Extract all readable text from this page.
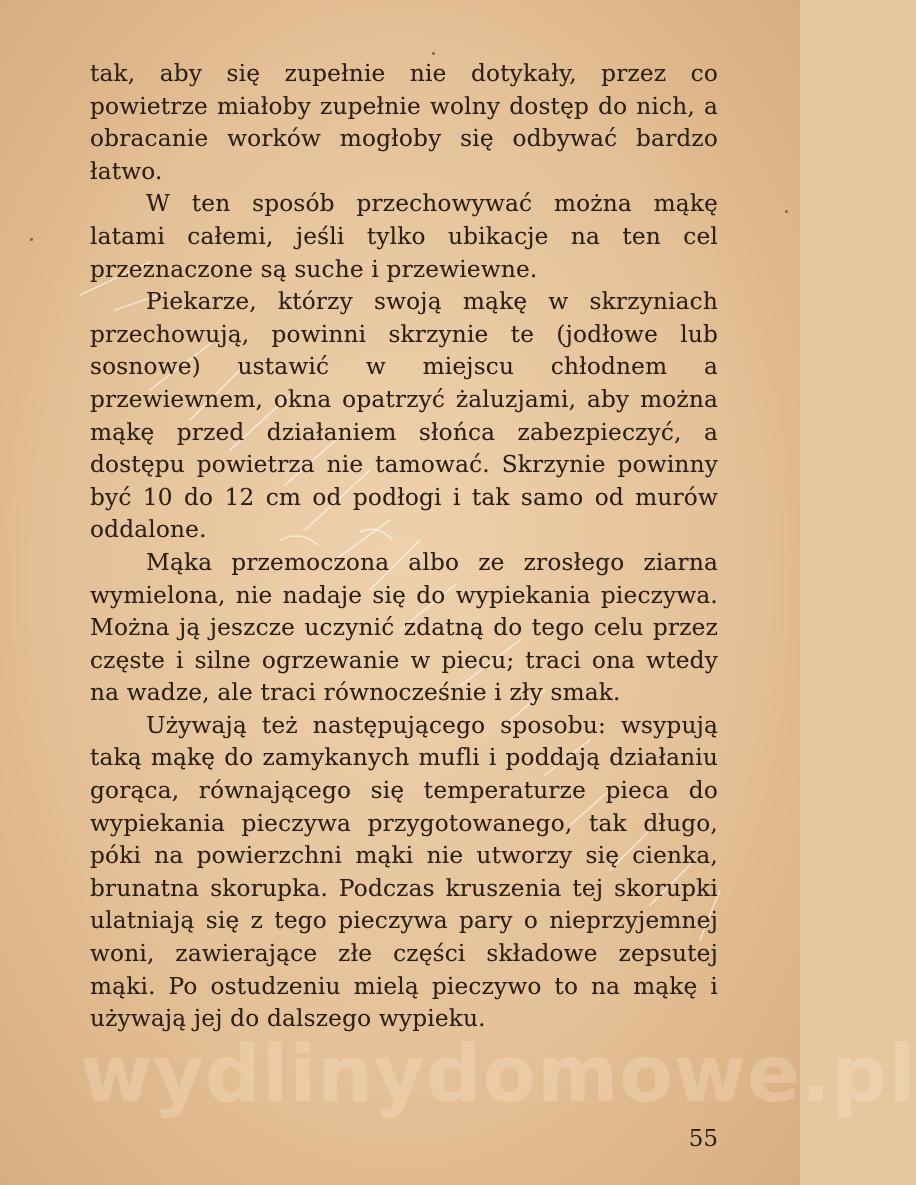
tak, aby się zupełnie nie dotykały, przez co powietrze miałoby zupełnie wolny dostęp do nich, a obracanie worków mogłoby się odbywać bardzo łatwo.

W ten sposób przechowywać można mąkę latami całemi, jeśli tylko ubikacje na ten cel przeznaczone są suche i przewiewne.

Piekarze, którzy swoją mąkę w skrzyniach przechowują, powinni skrzynie te (jodłowe lub sosnowe) ustawić w miejscu chłodnem a przewiewnem, okna opatrzyć żaluzjami, aby można mąkę przed działaniem słońca zabezpieczyć, a dostępu powietrza nie tamować. Skrzynie powinny być 10 do 12 cm od podłogi i tak samo od murów oddalone.

Mąka przemoczona albo ze zrosłego ziarna wymielona, nie nadaje się do wypiekania pieczywa. Można ją jeszcze uczynić zdatną do tego celu przez częste i silne ogrzewanie w piecu; traci ona wtedy na wadze, ale traci równocześnie i zły smak.

Używają też następującego sposobu: wsypują taką mąkę do zamykanych mufli i poddają działaniu gorąca, równającego się temperaturze pieca do wypiekania pieczywa przygotowanego, tak długo, póki na powierzchni mąki nie utworzy się cienka, brunatna skorupka. Podczas kruszenia tej skorupki ulatniają się z tego pieczywa pary o nieprzyjemnej woni, zawierające złe części składowe zepsutej mąki. Po ostudzeniu mielą pieczywo to na mąkę i używają jej do dalszego wypieku.

wydlinydomowe.pl
55
